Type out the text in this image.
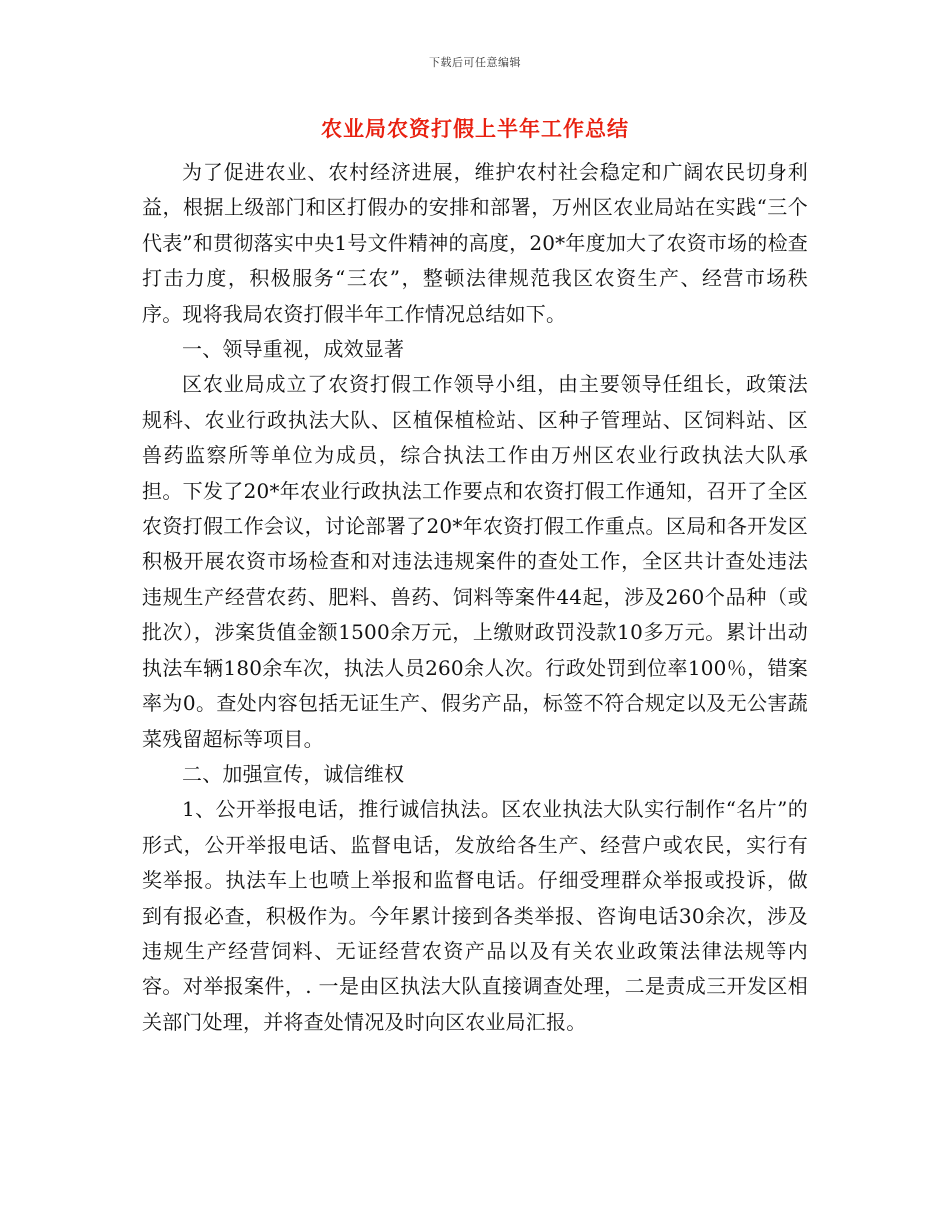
下载后可任意编辑
农业局农资打假上半年工作总结

为了促进农业、农村经济进展，维护农村社会稳定和广阔农民切身利益，根据上级部门和区打假办的安排和部署，万州区农业局站在实践“三个代表”和贯彻落实中央1号文件精神的高度，20*年度加大了农资市场的检查打击力度，积极服务“三农”，整顿法律规范我区农资生产、经营市场秩序。现将我局农资打假半年工作情况总结如下。

一、领导重视，成效显著

区农业局成立了农资打假工作领导小组，由主要领导任组长，政策法规科、农业行政执法大队、区植保植检站、区种子管理站、区饲料站、区兽药监察所等单位为成员，综合执法工作由万州区农业行政执法大队承担。下发了20*年农业行政执法工作要点和农资打假工作通知，召开了全区农资打假工作会议，讨论部署了20*年农资打假工作重点。区局和各开发区积极开展农资市场检查和对违法违规案件的查处工作，全区共计查处违法违规生产经营农药、肥料、兽药、饲料等案件44起，涉及260个品种（或批次），涉案货值金额1500余万元，上缴财政罚没款10多万元。累计出动执法车辆180余车次，执法人员260余人次。行政处罚到位率100％，错案率为0。查处内容包括无证生产、假劣产品，标签不符合规定以及无公害蔬菜残留超标等项目。

二、加强宣传，诚信维权

1、公开举报电话，推行诚信执法。区农业执法大队实行制作“名片”的形式，公开举报电话、监督电话，发放给各生产、经营户或农民，实行有奖举报。执法车上也喷上举报和监督电话。仔细受理群众举报或投诉，做到有报必查，积极作为。今年累计接到各类举报、咨询电话30余次，涉及违规生产经营饲料、无证经营农资产品以及有关农业政策法律法规等内容。对举报案件，. 一是由区执法大队直接调查处理，二是责成三开发区相关部门处理，并将查处情况及时向区农业局汇报。
